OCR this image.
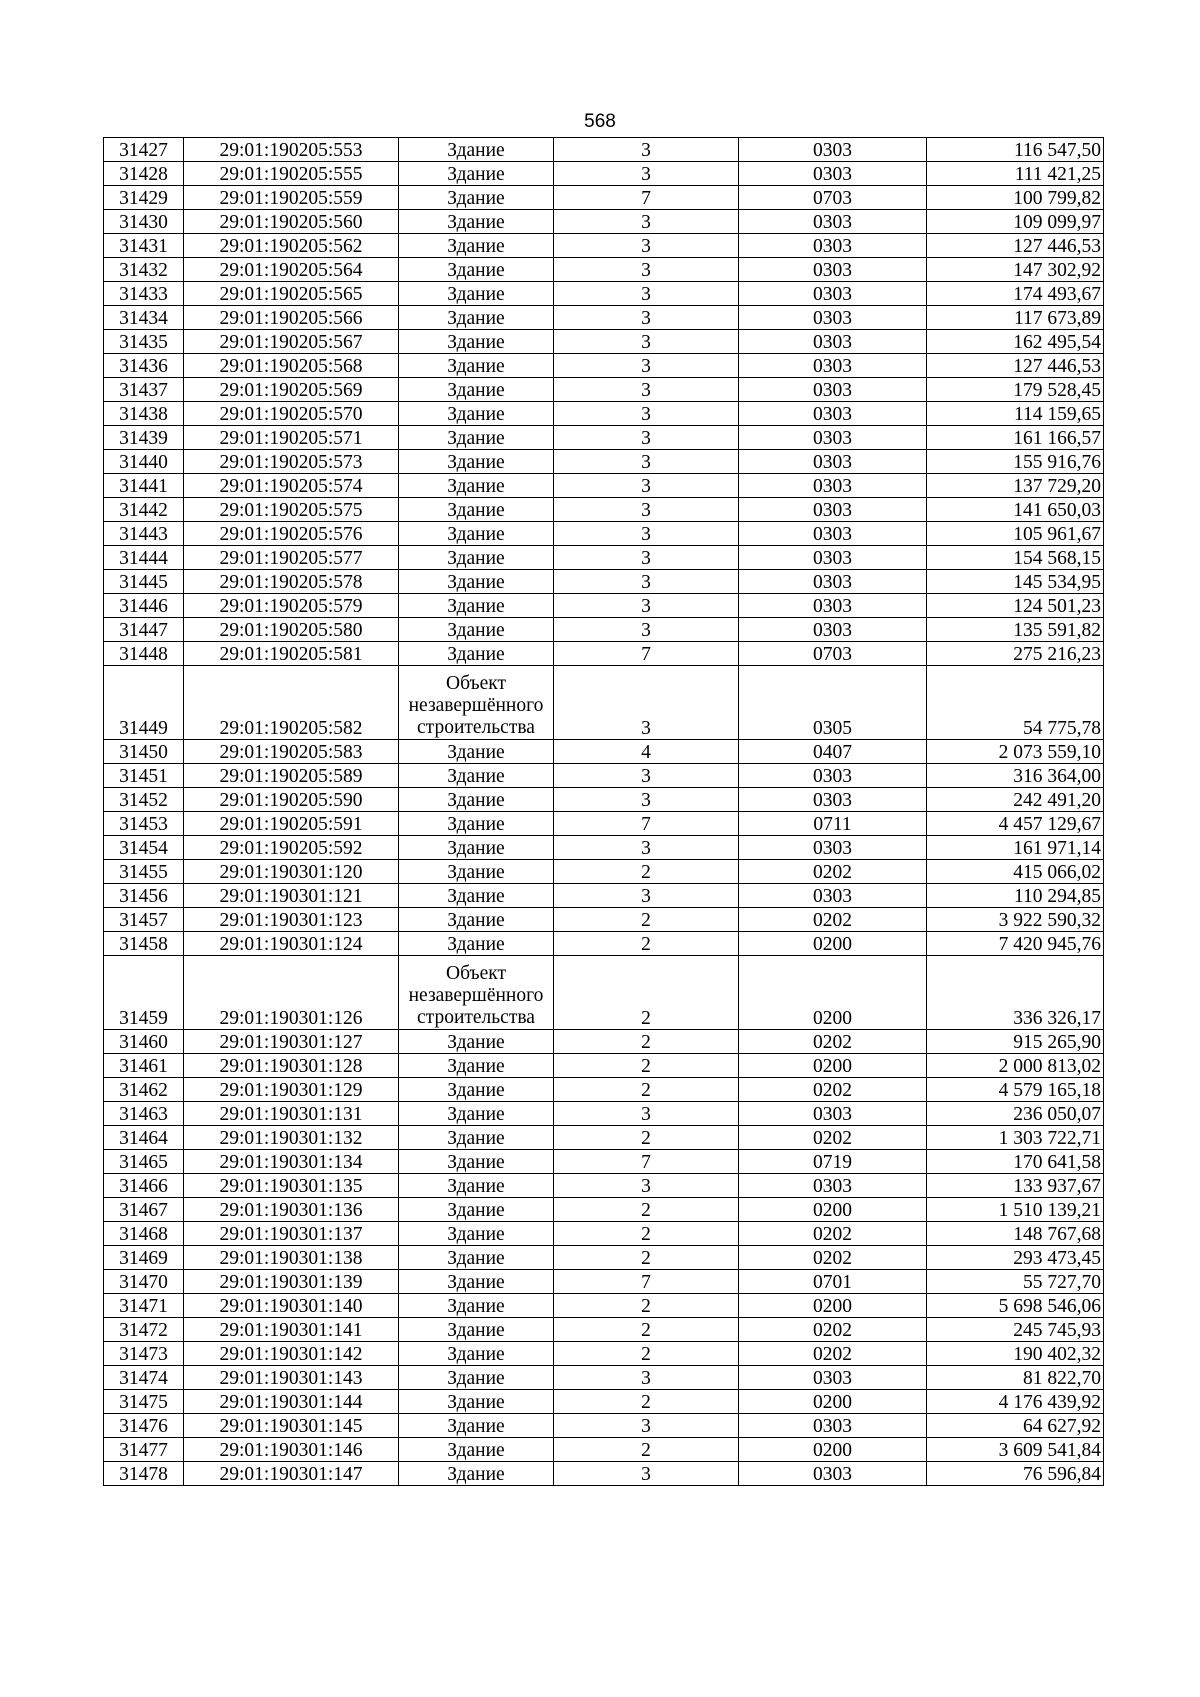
568
31427	29:01:190205:553	Здание	3	0303	116 547,50
31428	29:01:190205:555	Здание	3	0303	111 421,25
31429	29:01:190205:559	Здание	7	0703	100 799,82
31430	29:01:190205:560	Здание	3	0303	109 099,97
31431	29:01:190205:562	Здание	3	0303	127 446,53
31432	29:01:190205:564	Здание	3	0303	147 302,92
31433	29:01:190205:565	Здание	3	0303	174 493,67
31434	29:01:190205:566	Здание	3	0303	117 673,89
31435	29:01:190205:567	Здание	3	0303	162 495,54
31436	29:01:190205:568	Здание	3	0303	127 446,53
31437	29:01:190205:569	Здание	3	0303	179 528,45
31438	29:01:190205:570	Здание	3	0303	114 159,65
31439	29:01:190205:571	Здание	3	0303	161 166,57
31440	29:01:190205:573	Здание	3	0303	155 916,76
31441	29:01:190205:574	Здание	3	0303	137 729,20
31442	29:01:190205:575	Здание	3	0303	141 650,03
31443	29:01:190205:576	Здание	3	0303	105 961,67
31444	29:01:190205:577	Здание	3	0303	154 568,15
31445	29:01:190205:578	Здание	3	0303	145 534,95
31446	29:01:190205:579	Здание	3	0303	124 501,23
31447	29:01:190205:580	Здание	3	0303	135 591,82
31448	29:01:190205:581	Здание	7	0703	275 216,23
31449	29:01:190205:582	Объект незавершённого строительства	3	0305	54 775,78
31450	29:01:190205:583	Здание	4	0407	2 073 559,10
31451	29:01:190205:589	Здание	3	0303	316 364,00
31452	29:01:190205:590	Здание	3	0303	242 491,20
31453	29:01:190205:591	Здание	7	0711	4 457 129,67
31454	29:01:190205:592	Здание	3	0303	161 971,14
31455	29:01:190301:120	Здание	2	0202	415 066,02
31456	29:01:190301:121	Здание	3	0303	110 294,85
31457	29:01:190301:123	Здание	2	0202	3 922 590,32
31458	29:01:190301:124	Здание	2	0200	7 420 945,76
31459	29:01:190301:126	Объект незавершённого строительства	2	0200	336 326,17
31460	29:01:190301:127	Здание	2	0202	915 265,90
31461	29:01:190301:128	Здание	2	0200	2 000 813,02
31462	29:01:190301:129	Здание	2	0202	4 579 165,18
31463	29:01:190301:131	Здание	3	0303	236 050,07
31464	29:01:190301:132	Здание	2	0202	1 303 722,71
31465	29:01:190301:134	Здание	7	0719	170 641,58
31466	29:01:190301:135	Здание	3	0303	133 937,67
31467	29:01:190301:136	Здание	2	0200	1 510 139,21
31468	29:01:190301:137	Здание	2	0202	148 767,68
31469	29:01:190301:138	Здание	2	0202	293 473,45
31470	29:01:190301:139	Здание	7	0701	55 727,70
31471	29:01:190301:140	Здание	2	0200	5 698 546,06
31472	29:01:190301:141	Здание	2	0202	245 745,93
31473	29:01:190301:142	Здание	2	0202	190 402,32
31474	29:01:190301:143	Здание	3	0303	81 822,70
31475	29:01:190301:144	Здание	2	0200	4 176 439,92
31476	29:01:190301:145	Здание	3	0303	64 627,92
31477	29:01:190301:146	Здание	2	0200	3 609 541,84
31478	29:01:190301:147	Здание	3	0303	76 596,84
